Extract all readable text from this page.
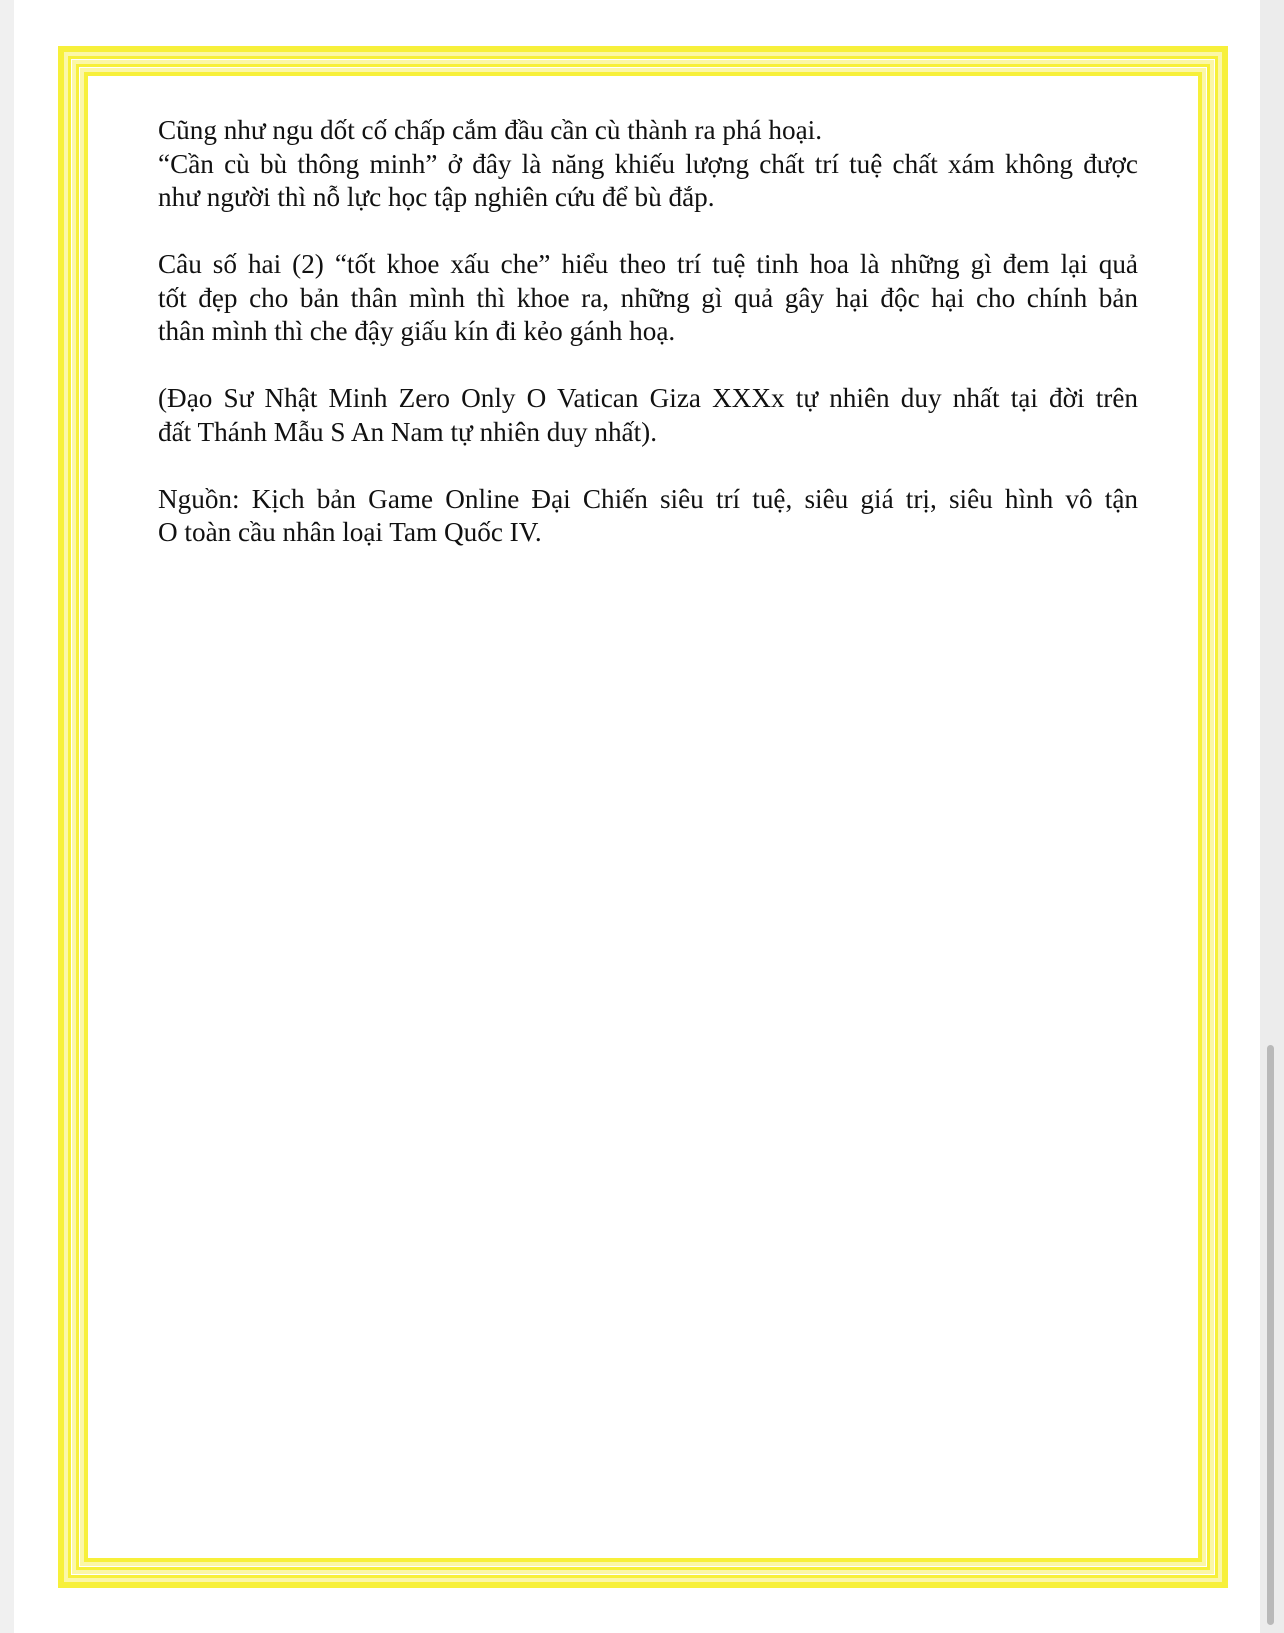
Cũng như ngu dốt cố chấp cắm đầu cần cù thành ra phá hoại.
“Cần cù bù thông minh” ở đây là năng khiếu lượng chất trí tuệ chất xám không được
như người thì nỗ lực học tập nghiên cứu để bù đắp.

Câu số hai (2) “tốt khoe xấu che” hiểu theo trí tuệ tinh hoa là những gì đem lại quả
tốt đẹp cho bản thân mình thì khoe ra, những gì quả gây hại độc hại cho chính bản
thân mình thì che đậy giấu kín đi kẻo gánh hoạ.

(Đạo Sư Nhật Minh Zero Only O Vatican Giza XXXx tự nhiên duy nhất tại đời trên
đất Thánh Mẫu S An Nam tự nhiên duy nhất).

Nguồn: Kịch bản Game Online Đại Chiến siêu trí tuệ, siêu giá trị, siêu hình vô tận
O toàn cầu nhân loại Tam Quốc IV.
